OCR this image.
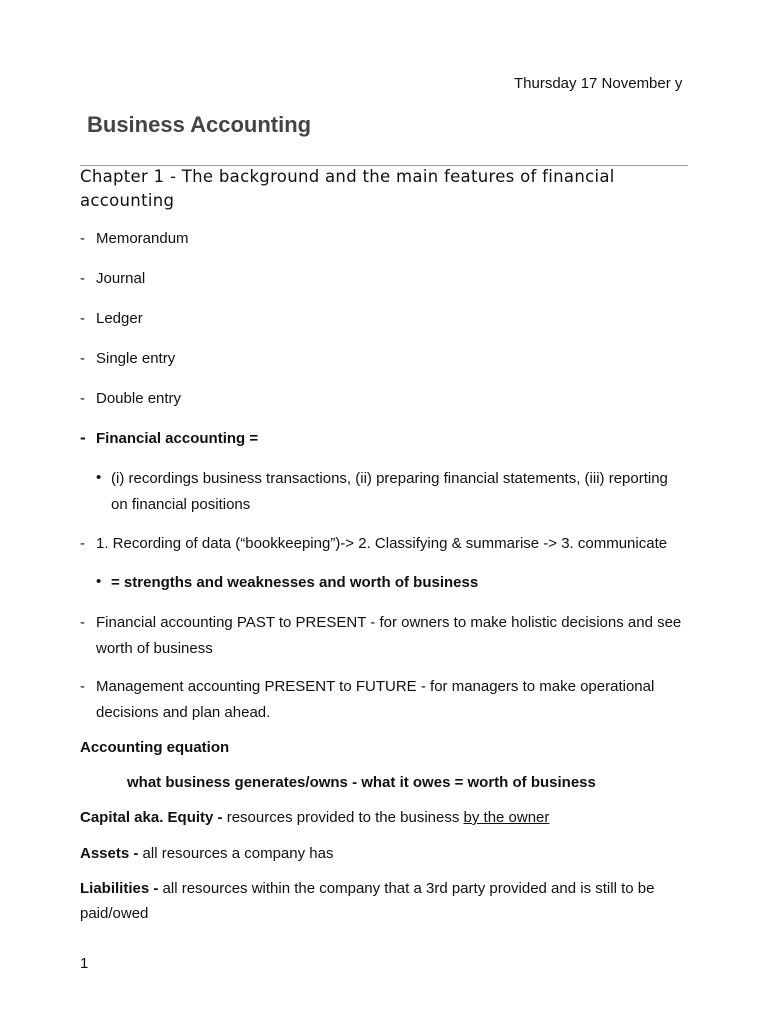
Thursday 17 November y
Business Accounting
Chapter 1 - The background and the main features of financial accounting
- Memorandum
- Journal
- Ledger
- Single entry
- Double entry
- Financial accounting =
• (i) recordings business transactions, (ii) preparing financial statements, (iii) reporting
on financial positions
- 1. Recording of data (“bookkeeping”)-> 2. Classifying & summarise -> 3. communicate
• = strengths and weaknesses and worth of business
- Financial accounting PAST to PRESENT - for owners to make holistic decisions and see worth of business
- Management accounting PRESENT to FUTURE - for managers to make operational decisions and plan ahead.
Accounting equation
what business generates/owns - what it owes = worth of business
Capital aka. Equity - resources provided to the business by the owner
Assets - all resources a company has
Liabilities - all resources within the company that a 3rd party provided and is still to be
paid/owed
1
